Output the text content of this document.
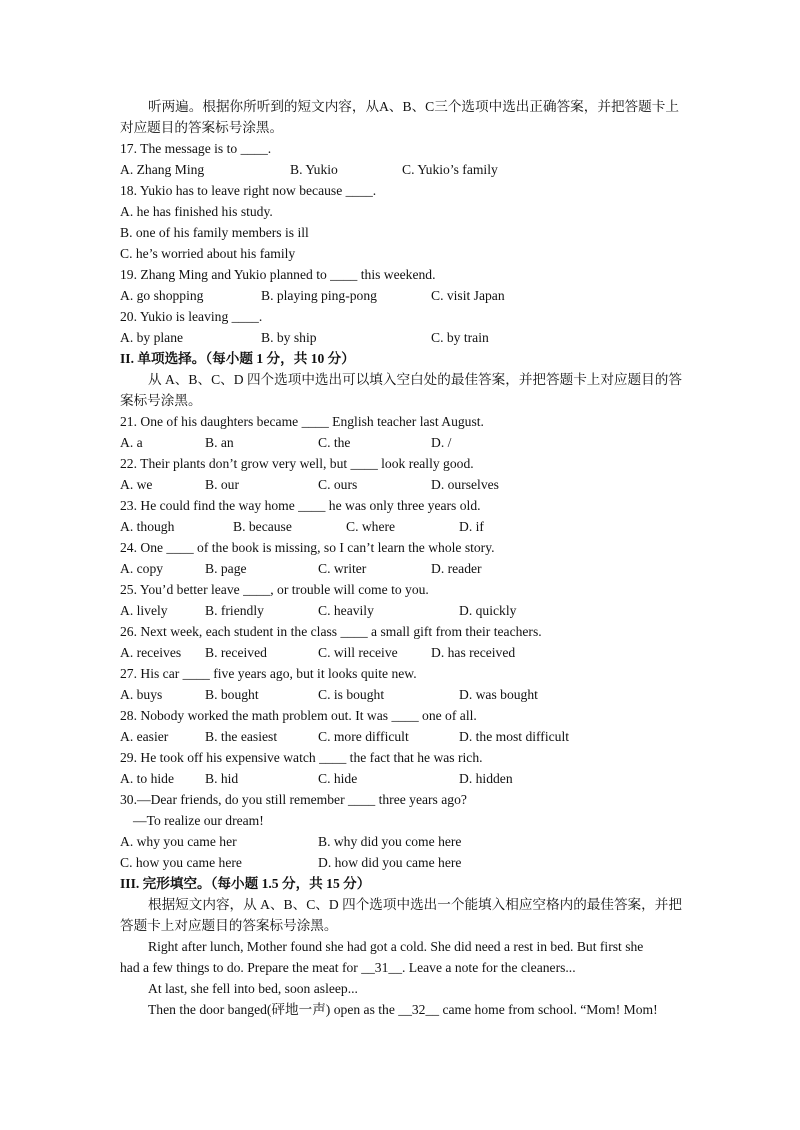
听两遍。根据你所听到的短文内容，从A、B、C三个选项中选出正确答案，并把答题卡上
对应题目的答案标号涂黑。
17. The message is to ____.
A. Zhang Ming	B. Yukio	C. Yukio’s family
18. Yukio has to leave right now because ____.
A. he has finished his study.
B. one of his family members is ill
C. he’s worried about his family
19. Zhang Ming and Yukio planned to ____ this weekend.
A. go shopping	B. playing ping-pong	C. visit Japan
20. Yukio is leaving ____.
A. by plane	B. by ship	C. by train
II. 单项选择。（每小题 1 分，共 10 分）
从 A、B、C、D 四个选项中选出可以填入空白处的最佳答案，并把答题卡上对应题目的答
案标号涂黑。
21. One of his daughters became ____ English teacher last August.
A. a	B. an	C. the	D. /
22. Their plants don’t grow very well, but ____ look really good.
A. we	B. our	C. ours	D. ourselves
23. He could find the way home ____ he was only three years old.
A. though	B. because	C. where	D. if
24. One ____ of the book is missing, so I can’t learn the whole story.
A. copy	B. page	C. writer	D. reader
25. You’d better leave ____, or trouble will come to you.
A. lively	B. friendly	C. heavily	D. quickly
26. Next week, each student in the class ____ a small gift from their teachers.
A. receives B. received	C. will receive D. has received
27. His car ____ five years ago, but it looks quite new.
A. buys	B. bought	C. is bought	D. was bought
28. Nobody worked the math problem out. It was ____ one of all.
A. easier	B. the easiest	C. more difficult	D. the most difficult
29. He took off his expensive watch ____ the fact that he was rich.
A. to hide B. hid	C. hide	D. hidden
30.—Dear friends, do you still remember ____ three years ago?
—To realize our dream!
A. why you came her	B. why did you come here
C. how you came here	D. how did you came here
III. 完形填空。（每小题 1.5 分，共 15 分）
根据短文内容，从 A、B、C、D 四个选项中选出一个能填入相应空格内的最佳答案，并把
答题卡上对应题目的答案标号涂黑。
Right after lunch, Mother found she had got a cold. She did need a rest in bed. But first she
had a few things to do. Prepare the meat for __31__. Leave a note for the cleaners...
At last, she fell into bed, soon asleep...
Then the door banged(砰地一声) open as the __32__ came home from school. “Mom! Mom!
